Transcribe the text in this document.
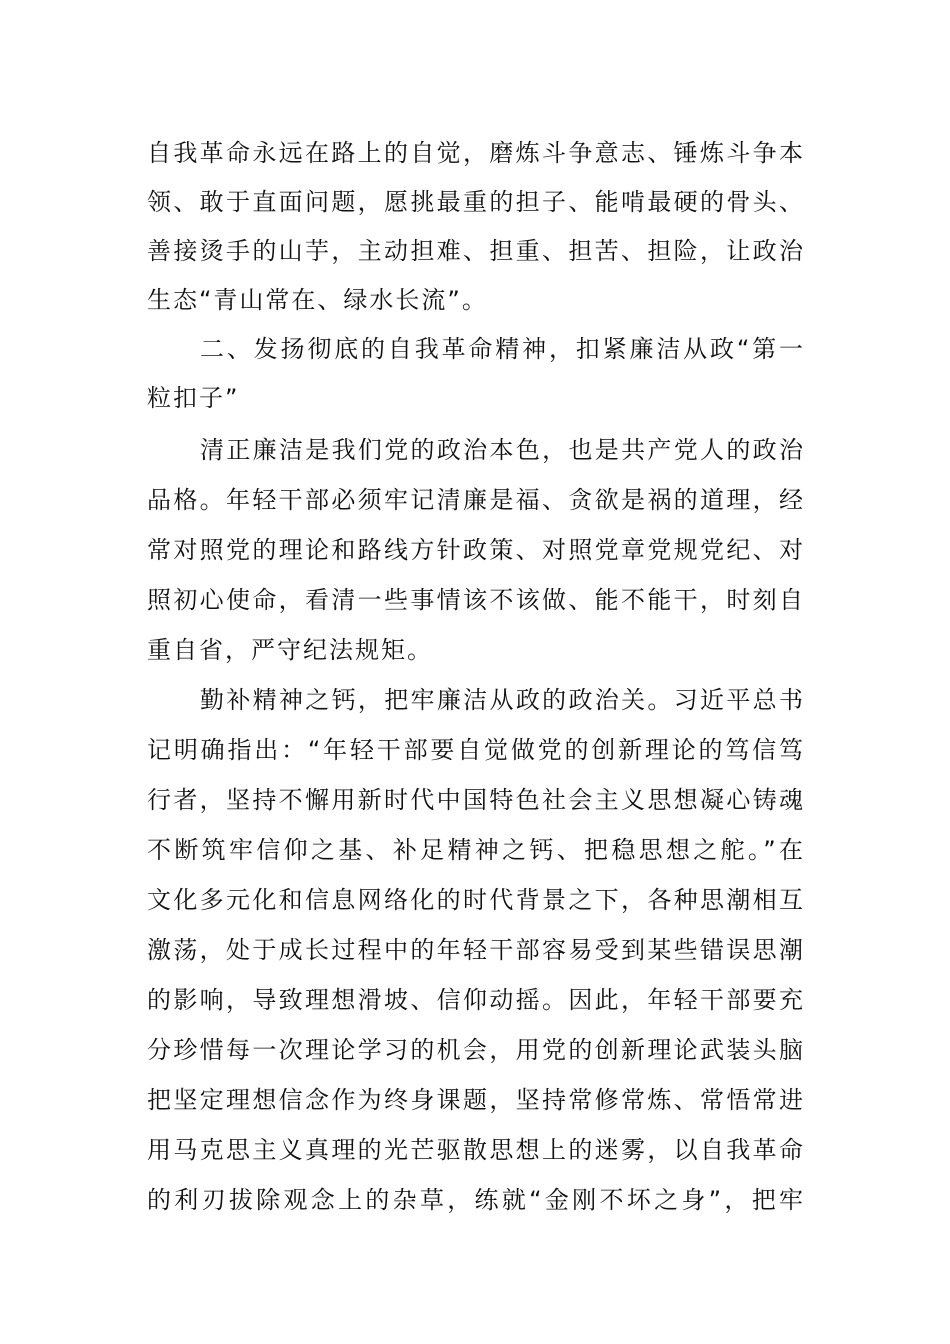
自我革命永远在路上的自觉，磨炼斗争意志、锤炼斗争本
领、敢于直面问题，愿挑最重的担子、能啃最硬的骨头、
善接烫手的山芋，主动担难、担重、担苦、担险，让政治
生态“青山常在、绿水长流”。
二、发扬彻底的自我革命精神，扣紧廉洁从政“第一
粒扣子”
清正廉洁是我们党的政治本色，也是共产党人的政治
品格。年轻干部必须牢记清廉是福、贪欲是祸的道理，经
常对照党的理论和路线方针政策、对照党章党规党纪、对
照初心使命，看清一些事情该不该做、能不能干，时刻自
重自省，严守纪法规矩。
勤补精神之钙，把牢廉洁从政的政治关。习近平总书
记明确指出：“年轻干部要自觉做党的创新理论的笃信笃
行者，坚持不懈用新时代中国特色社会主义思想凝心铸魂
不断筑牢信仰之基、补足精神之钙、把稳思想之舵。”在
文化多元化和信息网络化的时代背景之下，各种思潮相互
激荡，处于成长过程中的年轻干部容易受到某些错误思潮
的影响，导致理想滑坡、信仰动摇。因此，年轻干部要充
分珍惜每一次理论学习的机会，用党的创新理论武装头脑
把坚定理想信念作为终身课题，坚持常修常炼、常悟常进
用马克思主义真理的光芒驱散思想上的迷雾，以自我革命
的利刃拔除观念上的杂草，练就“金刚不坏之身”，把牢
